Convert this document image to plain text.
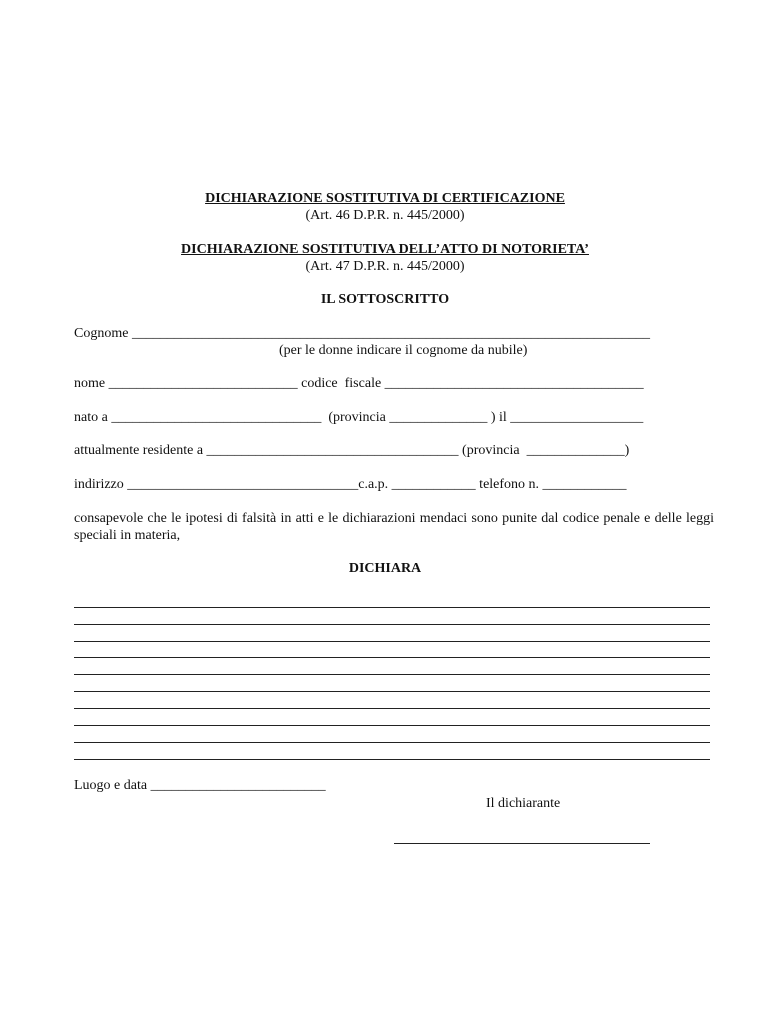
DICHIARAZIONE SOSTITUTIVA DI CERTIFICAZIONE
(Art. 46 D.P.R. n. 445/2000)
DICHIARAZIONE SOSTITUTIVA DELL’ATTO DI NOTORIETA’
(Art. 47 D.P.R. n. 445/2000)
IL SOTTOSCRITTO
Cognome __________________________________________________________________________
(per le donne indicare il cognome da nubile)
nome ___________________________ codice  fiscale _____________________________________
nato a ______________________________  (provincia ______________ ) il ___________________
attualmente residente a ____________________________________ (provincia  ______________)
indirizzo _________________________________c.a.p. ____________ telefono n. ____________
consapevole che le ipotesi di falsità in atti e le dichiarazioni mendaci sono punite dal codice penale e delle leggi speciali in materia,
DICHIARA
Luogo e data _________________________
Il dichiarante
